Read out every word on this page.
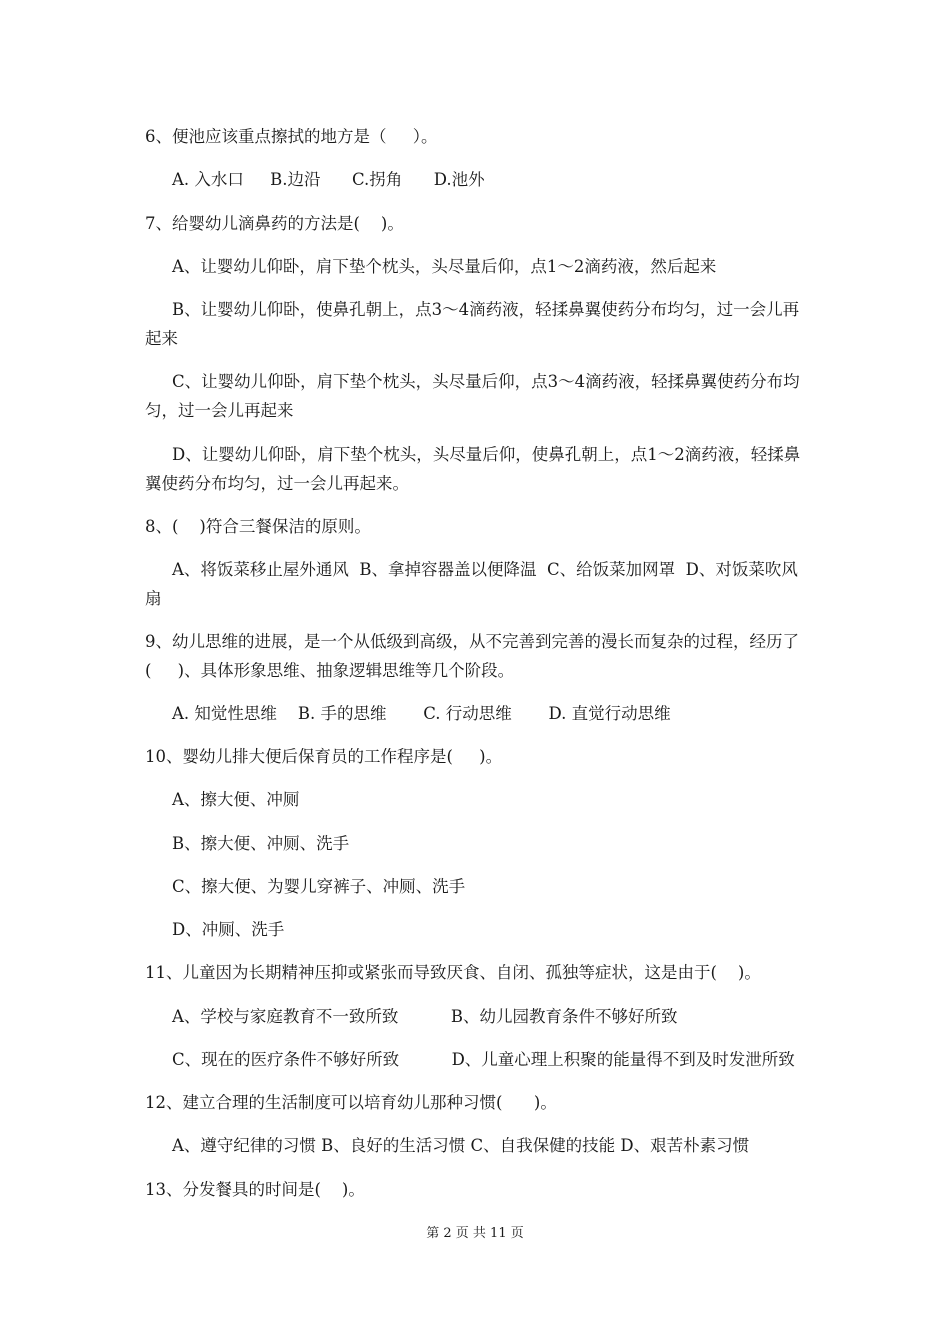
6、便池应该重点擦拭的地方是（     ）。
A. 入水口     B.边沿      C.拐角      D.池外
7、给婴幼儿滴鼻药的方法是(    )。
A、让婴幼儿仰卧，肩下垫个枕头，头尽量后仰，点1～2滴药液，然后起来
B、让婴幼儿仰卧，使鼻孔朝上，点3～4滴药液，轻揉鼻翼使药分布均匀，过一会儿再
起来
C、让婴幼儿仰卧，肩下垫个枕头，头尽量后仰，点3～4滴药液，轻揉鼻翼使药分布均
匀，过一会儿再起来
D、让婴幼儿仰卧，肩下垫个枕头，头尽量后仰，使鼻孔朝上，点1～2滴药液，轻揉鼻
翼使药分布均匀，过一会儿再起来。
8、(    )符合三餐保洁的原则。
A、将饭菜移止屋外通风  B、拿掉容器盖以便降温  C、给饭菜加网罩  D、对饭菜吹风
扇
9、幼儿思维的进展，是一个从低级到高级，从不完善到完善的漫长而复杂的过程，经历了
(     )、具体形象思维、抽象逻辑思维等几个阶段。
A. 知觉性思维    B. 手的思维       C. 行动思维       D. 直觉行动思维
10、婴幼儿排大便后保育员的工作程序是(     )。
A、擦大便、冲厕
B、擦大便、冲厕、洗手
C、擦大便、为婴儿穿裤子、冲厕、洗手
D、冲厕、洗手
11、儿童因为长期精神压抑或紧张而导致厌食、自闭、孤独等症状，这是由于(    )。
A、学校与家庭教育不一致所致          B、幼儿园教育条件不够好所致
C、现在的医疗条件不够好所致          D、儿童心理上积聚的能量得不到及时发泄所致
12、建立合理的生活制度可以培育幼儿那种习惯(      )。
A、遵守纪律的习惯 B、良好的生活习惯 C、自我保健的技能 D、艰苦朴素习惯
13、分发餐具的时间是(    )。
第 2 页 共 11 页
